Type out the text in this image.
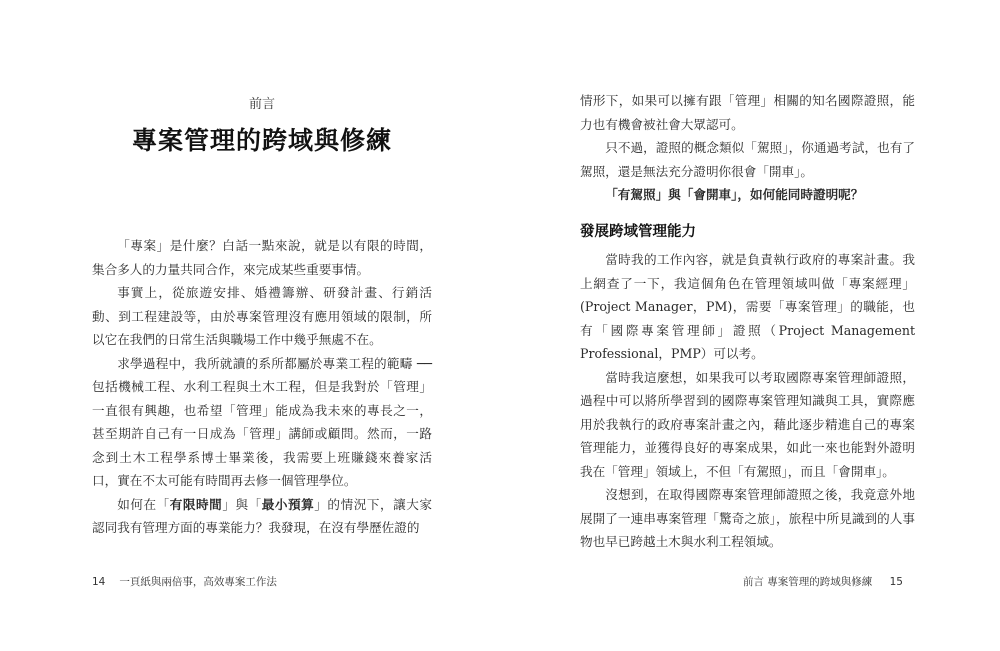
前言
專案管理的跨域與修練

「專案」是什麼？白話一點來說，就是以有限的時間，集合多人的力量共同合作，來完成某些重要事情。

事實上，從旅遊安排、婚禮籌辦、研發計畫、行銷活動、到工程建設等，由於專案管理沒有應用領域的限制，所以它在我們的日常生活與職場工作中幾乎無處不在。

求學過程中，我所就讀的系所都屬於專業工程的範疇 ── 包括機械工程、水利工程與土木工程，但是我對於「管理」一直很有興趣，也希望「管理」能成為我未來的專長之一，甚至期許自己有一日成為「管理」講師或顧問。然而，一路念到土木工程學系博士畢業後，我需要上班賺錢來養家活口，實在不太可能有時間再去修一個管理學位。

如何在「有限時間」與「最小預算」的情況下，讓大家認同我有管理方面的專業能力？我發現，在沒有學歷佐證的

14 一頁紙與兩倍事，高效專案工作法

情形下，如果可以擁有跟「管理」相關的知名國際證照，能力也有機會被社會大眾認可。

只不過，證照的概念類似「駕照」，你通過考試，也有了駕照，還是無法充分證明你很會「開車」。

「有駕照」與「會開車」，如何能同時證明呢？

發展跨域管理能力

當時我的工作內容，就是負責執行政府的專案計畫。我上網查了一下，我這個角色在管理領域叫做「專案經理」(Project Manager，PM)，需要「專案管理」的職能，也有「國際專案管理師」證照（Project Management Professional，PMP）可以考。

當時我這麼想，如果我可以考取國際專案管理師證照，過程中可以將所學習到的國際專案管理知識與工具，實際應用於我執行的政府專案計畫之內，藉此逐步精進自己的專案管理能力，並獲得良好的專案成果，如此一來也能對外證明我在「管理」領域上，不但「有駕照」，而且「會開車」。

沒想到，在取得國際專案管理師證照之後，我竟意外地展開了一連串專案管理「驚奇之旅」，旅程中所見識到的人事物也早已跨越土木與水利工程領域。

前言 專案管理的跨域與修練 15
